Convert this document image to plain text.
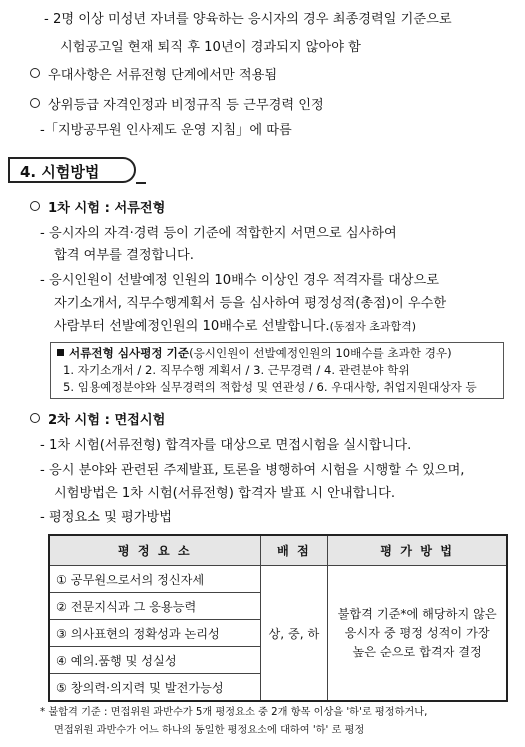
- 2명 이상 미성년 자녀를 양육하는 응시자의 경우 최종경력일 기준으로
시험공고일 현재 퇴직 후 10년이 경과되지 않아야 함
우대사항은 서류전형 단계에서만 적용됨
상위등급 자격인정과 비정규직 등 근무경력 인정
-「지방공무원 인사제도 운영 지침」에 따름
4. 시험방법
1차 시험 : 서류전형
- 응시자의 자격·경력 등이 기준에 적합한지 서면으로 심사하여
합격 여부를 결정합니다.
- 응시인원이 선발예정 인원의 10배수 이상인 경우 적격자를 대상으로
자기소개서, 직무수행계획서 등을 심사하여 평정성적(총점)이 우수한
사람부터 선발예정인원의 10배수로 선발합니다.(동점자 초과합격)
서류전형 심사평정 기준(응시인원이 선발예정인원의 10배수를 초과한 경우)
1. 자기소개서 / 2. 직무수행 계획서 / 3. 근무경력 / 4. 관련분야 학위
5. 임용예정분야와 실무경력의 적합성 및 연관성 / 6. 우대사항, 취업지원대상자 등
2차 시험 : 면접시험
- 1차 시험(서류전형) 합격자를 대상으로 면접시험을 실시합니다.
- 응시 분야와 관련된 주제발표, 토론을 병행하여 시험을 시행할 수 있으며,
시험방법은 1차 시험(서류전형) 합격자 발표 시 안내합니다.
- 평정요소 및 평가방법
평 정 요 소	배 점	평 가 방 법
① 공무원으로서의 정신자세	상, 중, 하	불합격 기준*에 해당하지 않은
응시자 중 평정 성적이 가장
높은 순으로 합격자 결정

② 전문지식과 그 응용능력		
③ 의사표현의 정확성과 논리성		
④ 예의.품행 및 성실성		
⑤ 창의력·의지력 및 발전가능성		
* 불합격 기준 : 면접위원 과반수가 5개 평정요소 중 2개 항목 이상을 '하'로 평정하거나,
면접위원 과반수가 어느 하나의 동일한 평정요소에 대하여 '하' 로 평정
